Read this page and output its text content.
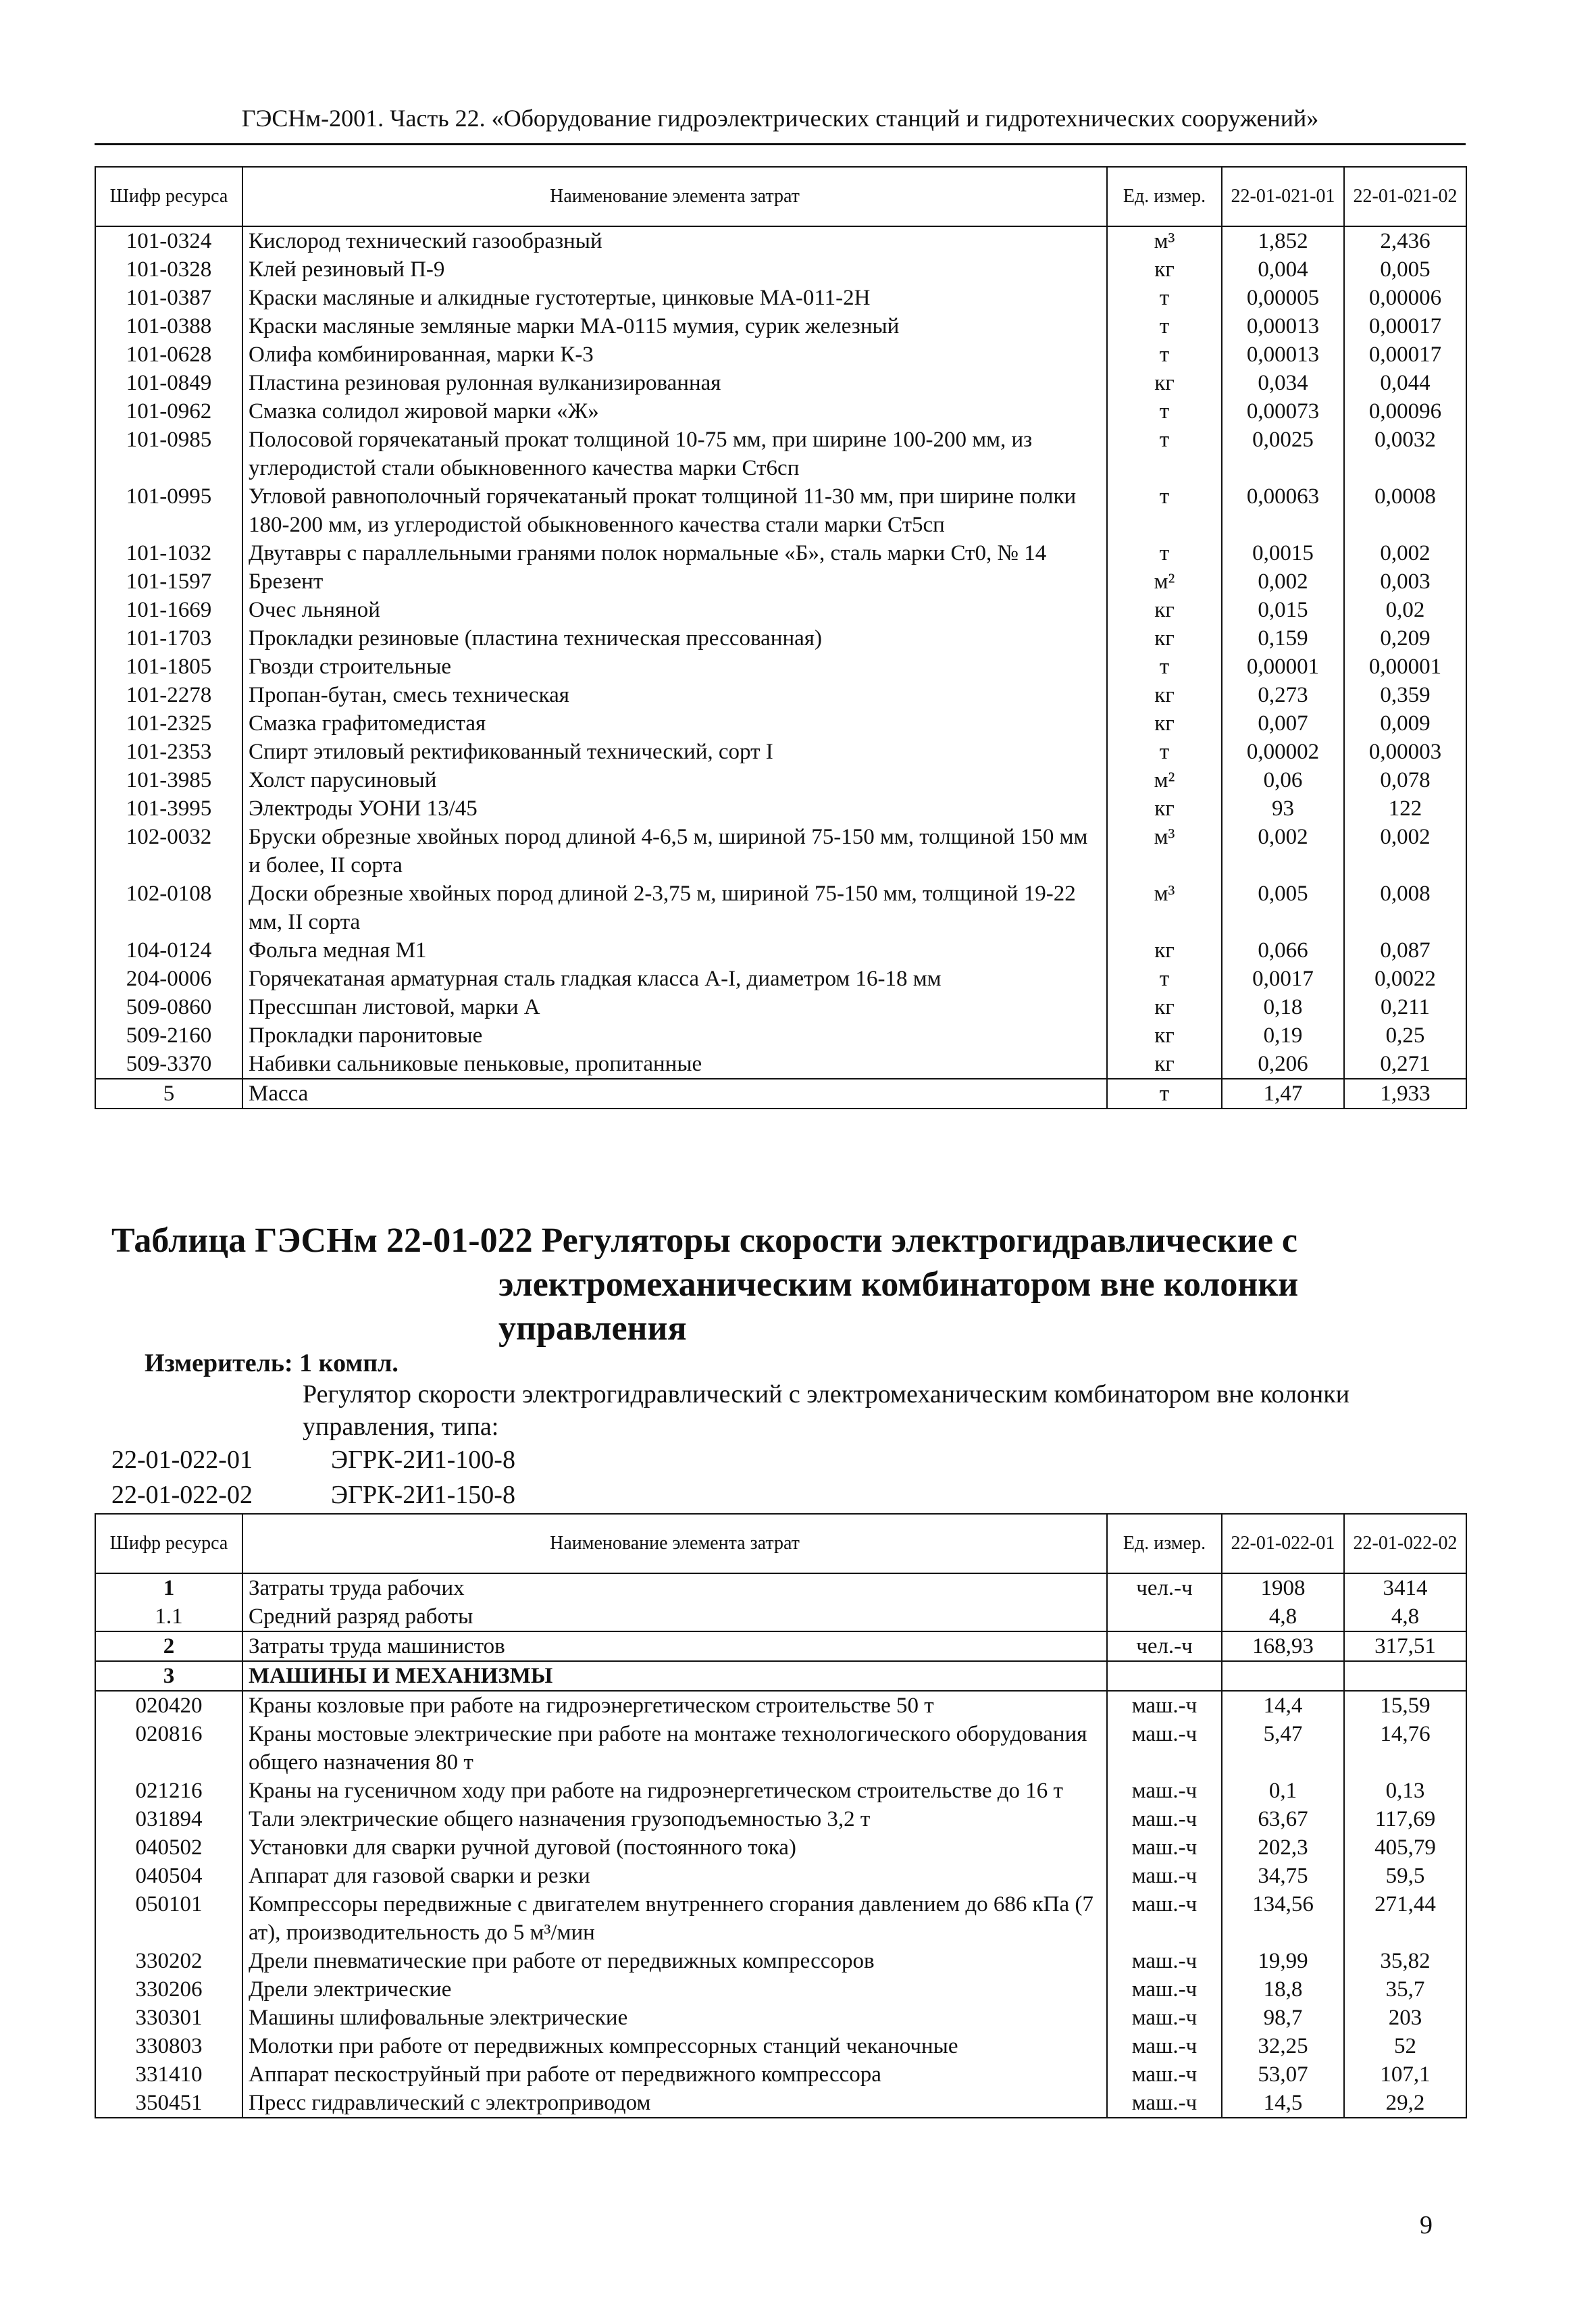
ГЭСНм-2001. Часть 22. «Оборудование гидроэлектрических станций и гидротехнических сооружений»
Шифр ресурса	Наименование элемента затрат	Ед. измер.	22-01-021-01	22-01-021-02
101-0324	Кислород технический газообразный	м³	1,852	2,436
101-0328	Клей резиновый П-9	кг	0,004	0,005
101-0387	Краски масляные и алкидные густотертые, цинковые МА-011-2Н	т	0,00005	0,00006
101-0388	Краски масляные земляные марки МА-0115 мумия, сурик железный	т	0,00013	0,00017
101-0628	Олифа комбинированная, марки К-3	т	0,00013	0,00017
101-0849	Пластина резиновая рулонная вулканизированная	кг	0,034	0,044
101-0962	Смазка солидол жировой марки «Ж»	т	0,00073	0,00096
101-0985	Полосовой горячекатаный прокат толщиной 10-75 мм, при ширине 100-200 мм, из углеродистой стали обыкновенного качества марки Ст6сп	т	0,0025	0,0032
101-0995	Угловой равнополочный горячекатаный прокат толщиной 11-30 мм, при ширине полки 180-200 мм, из углеродистой обыкновенного качества стали марки Ст5сп	т	0,00063	0,0008
101-1032	Двутавры с параллельными гранями полок нормальные «Б», сталь марки Ст0, № 14	т	0,0015	0,002
101-1597	Брезент	м²	0,002	0,003
101-1669	Очес льняной	кг	0,015	0,02
101-1703	Прокладки резиновые (пластина техническая прессованная)	кг	0,159	0,209
101-1805	Гвозди строительные	т	0,00001	0,00001
101-2278	Пропан-бутан, смесь техническая	кг	0,273	0,359
101-2325	Смазка графитомедистая	кг	0,007	0,009
101-2353	Спирт этиловый ректификованный технический, сорт I	т	0,00002	0,00003
101-3985	Холст парусиновый	м²	0,06	0,078
101-3995	Электроды УОНИ 13/45	кг	93	122
102-0032	Бруски обрезные хвойных пород длиной 4-6,5 м, шириной 75-150 мм, толщиной 150 мм и более, II сорта	м³	0,002	0,002
102-0108	Доски обрезные хвойных пород длиной 2-3,75 м, шириной 75-150 мм, толщиной 19-22 мм, II сорта	м³	0,005	0,008
104-0124	Фольга медная М1	кг	0,066	0,087
204-0006	Горячекатаная арматурная сталь гладкая класса А-I, диаметром 16-18 мм	т	0,0017	0,0022
509-0860	Прессшпан листовой, марки А	кг	0,18	0,211
509-2160	Прокладки паронитовые	кг	0,19	0,25
509-3370	Набивки сальниковые пеньковые, пропитанные	кг	0,206	0,271
5	Масса	т	1,47	1,933
Таблица ГЭСНм 22-01-022 Регуляторы скорости электрогидравлические с
электромеханическим комбинатором вне колонки
управления
Измеритель: 1 компл.
Регулятор скорости электрогидравлический с электромеханическим комбинатором вне колонки управления, типа:
22-01-022-01	ЭГРК-2И1-100-8
22-01-022-02	ЭГРК-2И1-150-8
Шифр ресурса	Наименование элемента затрат	Ед. измер.	22-01-022-01	22-01-022-02
1	Затраты труда рабочих	чел.-ч	1908	3414
1.1	Средний разряд работы		4,8	4,8
2	Затраты труда машинистов	чел.-ч	168,93	317,51
3	МАШИНЫ И МЕХАНИЗМЫ			
020420	Краны козловые при работе на гидроэнергетическом строительстве 50 т	маш.-ч	14,4	15,59
020816	Краны мостовые электрические при работе на монтаже технологического оборудования общего назначения 80 т	маш.-ч	5,47	14,76
021216	Краны на гусеничном ходу при работе на гидроэнергетическом строительстве до 16 т	маш.-ч	0,1	0,13
031894	Тали электрические общего назначения грузоподъемностью 3,2 т	маш.-ч	63,67	117,69
040502	Установки для сварки ручной дуговой (постоянного тока)	маш.-ч	202,3	405,79
040504	Аппарат для газовой сварки и резки	маш.-ч	34,75	59,5
050101	Компрессоры передвижные с двигателем внутреннего сгорания давлением до 686 кПа (7 ат), производительность до 5 м³/мин	маш.-ч	134,56	271,44
330202	Дрели пневматические при работе от передвижных компрессоров	маш.-ч	19,99	35,82
330206	Дрели электрические	маш.-ч	18,8	35,7
330301	Машины шлифовальные электрические	маш.-ч	98,7	203
330803	Молотки при работе от передвижных компрессорных станций чеканочные	маш.-ч	32,25	52
331410	Аппарат пескоструйный при работе от передвижного компрессора	маш.-ч	53,07	107,1
350451	Пресс гидравлический с электроприводом	маш.-ч	14,5	29,2
9
